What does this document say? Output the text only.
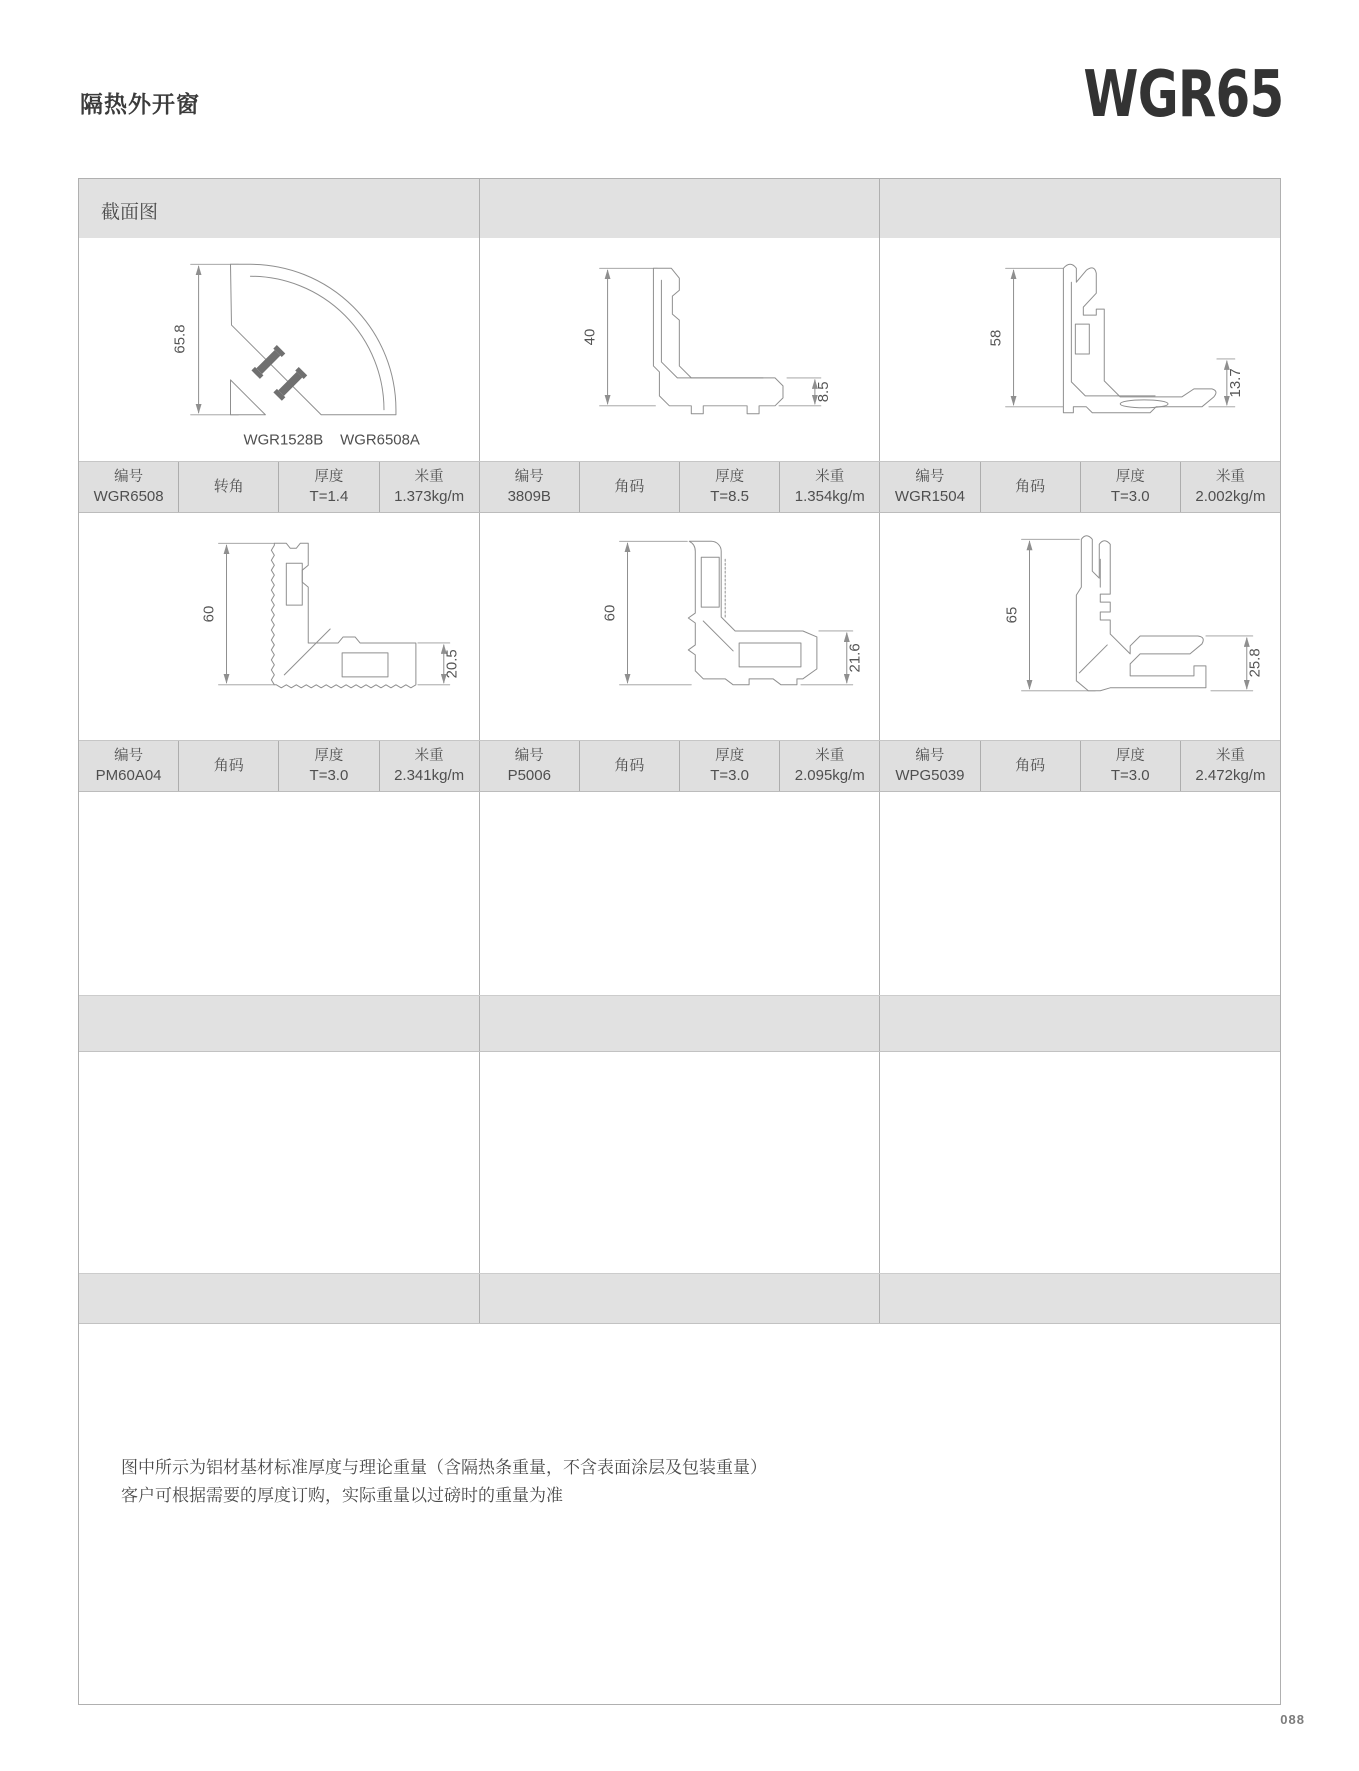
隔热外开窗	WGR65
截面图
65.8
WGR1528B WGR6508A
40
8.5
58
13.7
编号
WGR6508
转角
厚度
T=1.4
米重
1.373kg/m
编号
3809B
角码
厚度
T=8.5
米重
1.354kg/m
编号
WGR1504
角码
厚度
T=3.0
米重
2.002kg/m
60
20.5
60
21.6
65
25.8
编号
PM60A04
角码
厚度
T=3.0
米重
2.341kg/m
编号
P5006
角码
厚度
T=3.0
米重
2.095kg/m
编号
WPG5039
角码
厚度
T=3.0
米重
2.472kg/m
图中所示为铝材基材标准厚度与理论重量（含隔热条重量，不含表面涂层及包装重量）
客户可根据需要的厚度订购，实际重量以过磅时的重量为准
088
